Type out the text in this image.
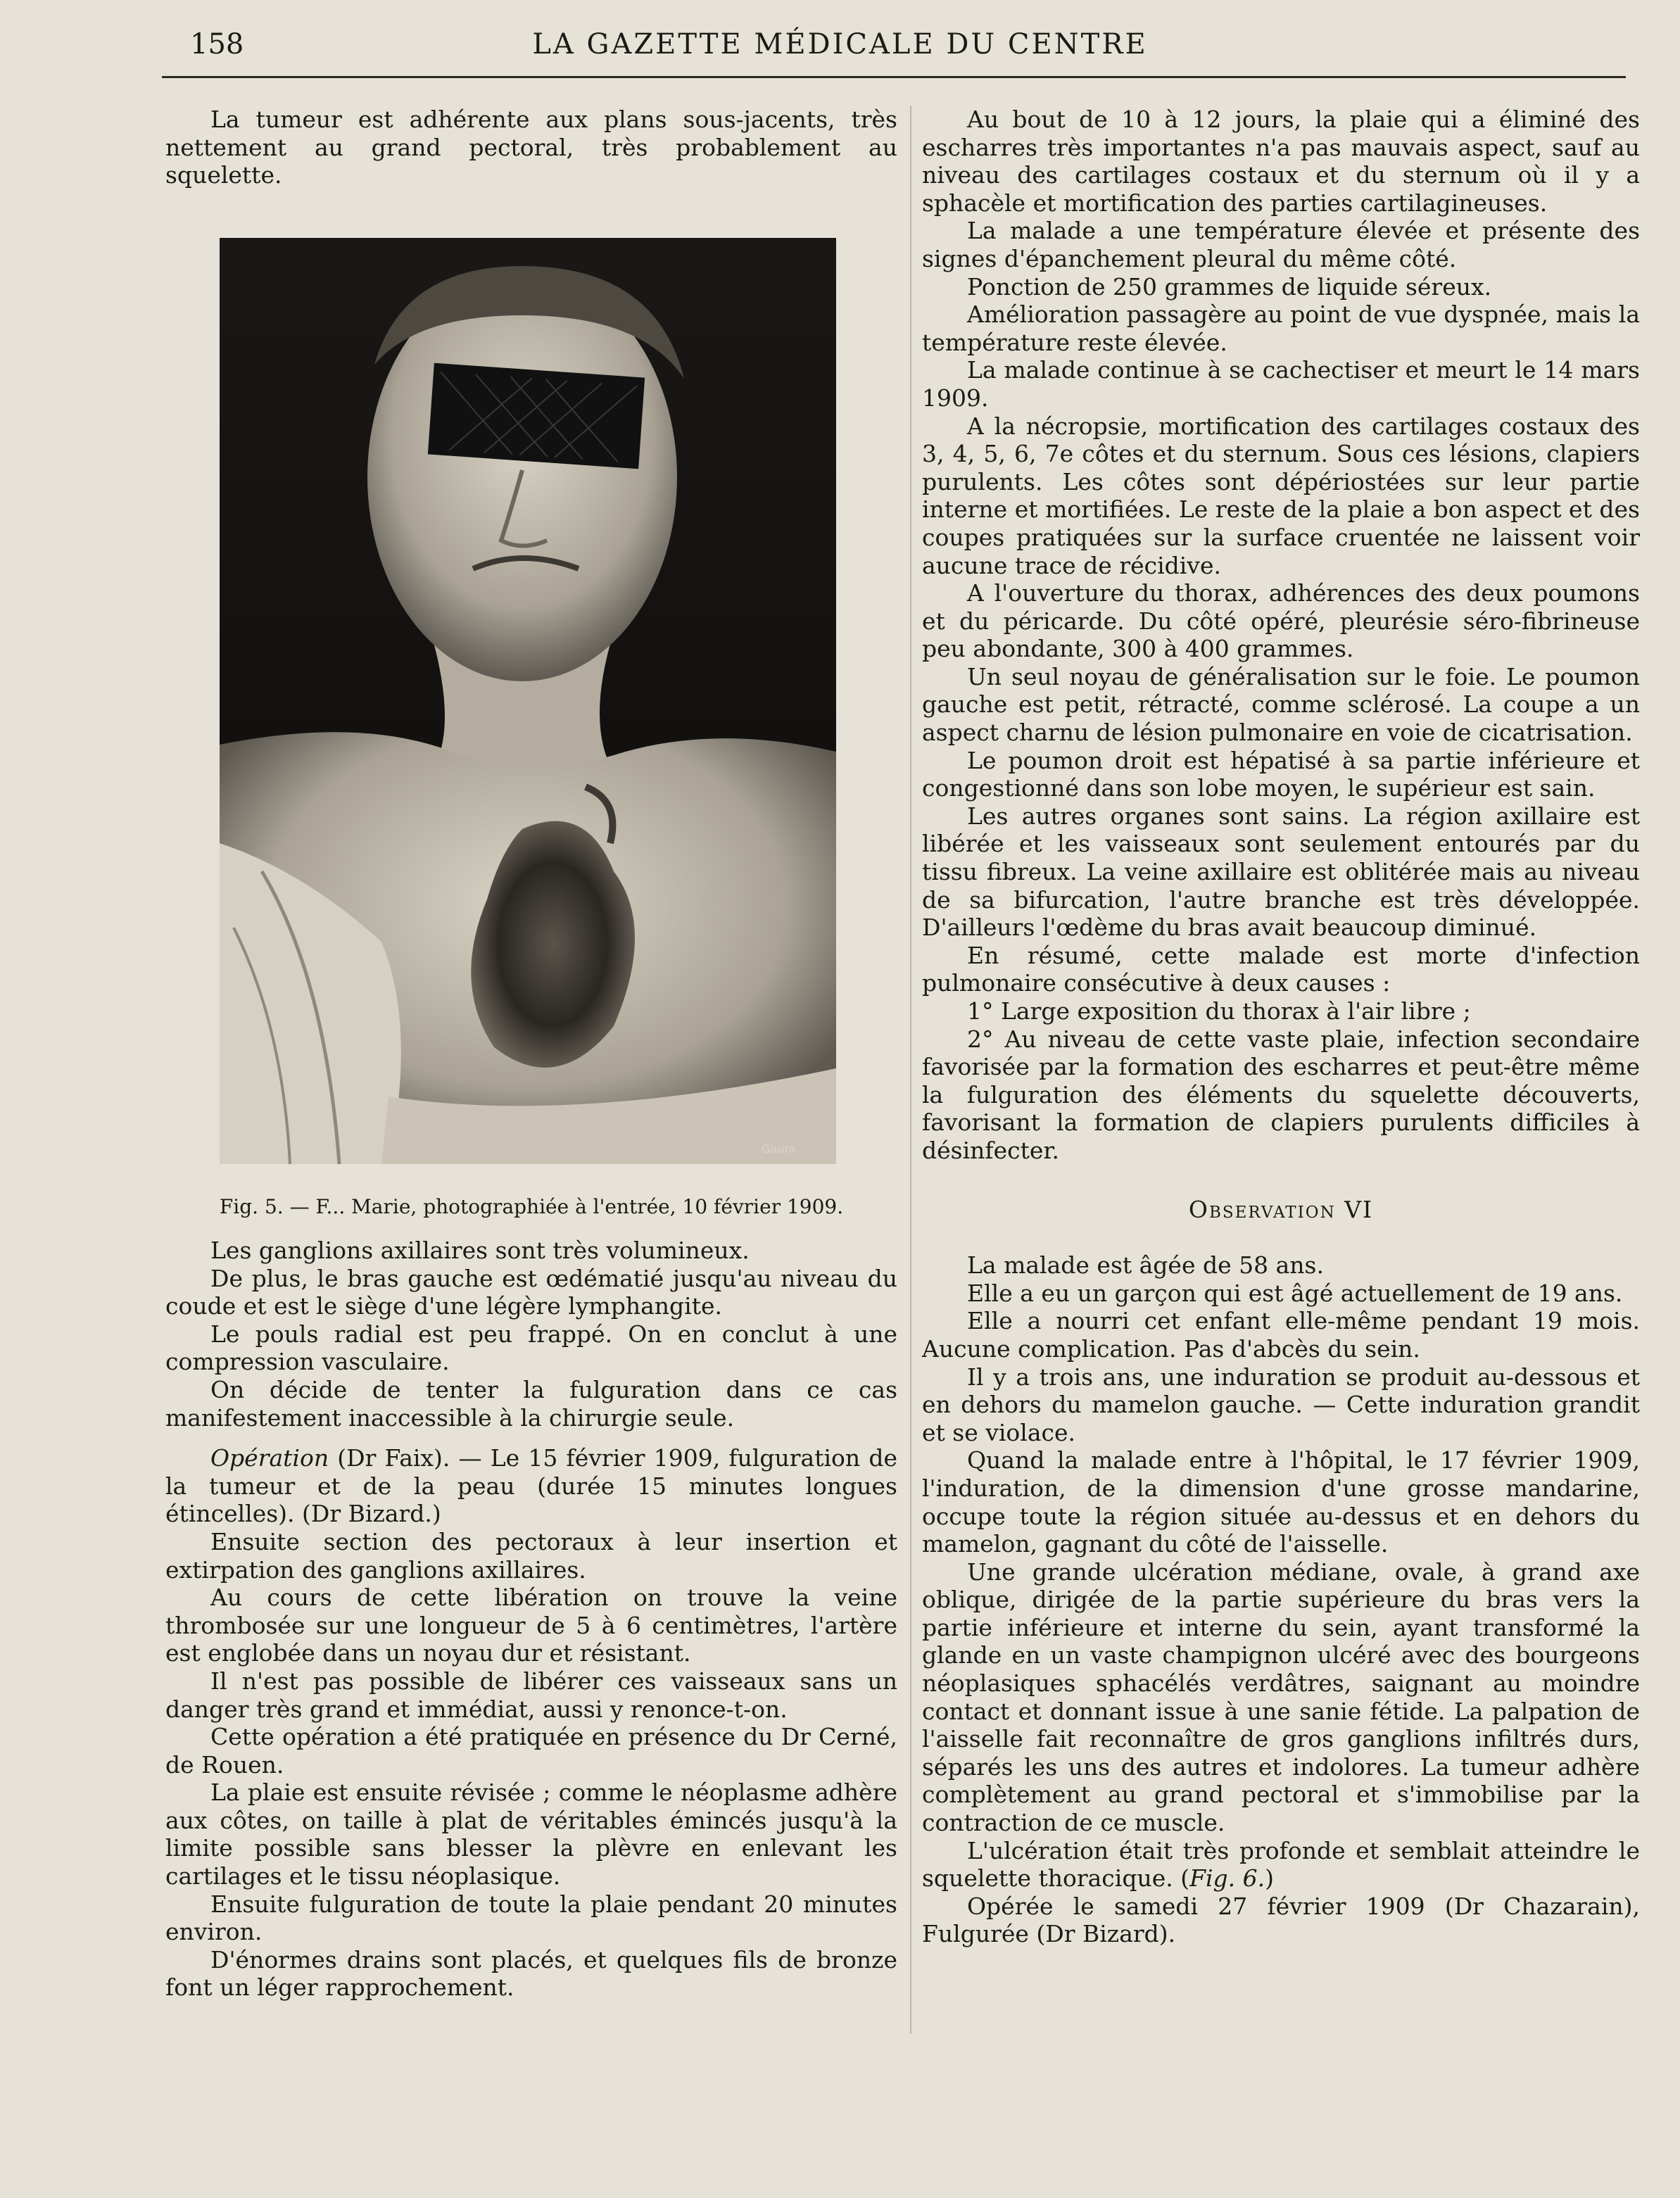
158	LA GAZETTE MÉDICALE DU CENTRE

La tumeur est adhérente aux plans sous-jacents, très nettement au grand pectoral, très probablement au squelette.

Gaura
Fig. 5. — F... Marie, photographiée à l'entrée, 10 février 1909.

Les ganglions axillaires sont très volumineux.

De plus, le bras gauche est œdématié jusqu'au niveau du coude et est le siège d'une légère lymphangite.

Le pouls radial est peu frappé. On en conclut à une compression vasculaire.

On décide de tenter la fulguration dans ce cas manifestement inaccessible à la chirurgie seule.

Opération (Dr Faix). — Le 15 février 1909, fulguration de la tumeur et de la peau (durée 15 minutes longues étincelles). (Dr Bizard.)

Ensuite section des pectoraux à leur insertion et extirpation des ganglions axillaires.

Au cours de cette libération on trouve la veine thrombosée sur une longueur de 5 à 6 centimètres, l'artère est englobée dans un noyau dur et résistant.

Il n'est pas possible de libérer ces vaisseaux sans un danger très grand et immédiat, aussi y renonce-t-on.

Cette opération a été pratiquée en présence du Dr Cerné, de Rouen.

La plaie est ensuite révisée ; comme le néoplasme adhère aux côtes, on taille à plat de véritables émincés jusqu'à la limite possible sans blesser la plèvre en enlevant les cartilages et le tissu néoplasique.

Ensuite fulguration de toute la plaie pendant 20 minutes environ.

D'énormes drains sont placés, et quelques fils de bronze font un léger rapprochement.

Au bout de 10 à 12 jours, la plaie qui a éliminé des escharres très importantes n'a pas mauvais aspect, sauf au niveau des cartilages costaux et du sternum où il y a sphacèle et mortification des parties cartilagineuses.

La malade a une température élevée et présente des signes d'épanchement pleural du même côté.

Ponction de 250 grammes de liquide séreux.

Amélioration passagère au point de vue dyspnée, mais la température reste élevée.

La malade continue à se cachectiser et meurt le 14 mars 1909.

A la nécropsie, mortification des cartilages costaux des 3, 4, 5, 6, 7e côtes et du sternum. Sous ces lésions, clapiers purulents. Les côtes sont dépériostées sur leur partie interne et mortifiées. Le reste de la plaie a bon aspect et des coupes pratiquées sur la surface cruentée ne laissent voir aucune trace de récidive.

A l'ouverture du thorax, adhérences des deux poumons et du péricarde. Du côté opéré, pleurésie séro-fibrineuse peu abondante, 300 à 400 grammes.

Un seul noyau de généralisation sur le foie. Le poumon gauche est petit, rétracté, comme sclérosé. La coupe a un aspect charnu de lésion pulmonaire en voie de cicatrisation.

Le poumon droit est hépatisé à sa partie inférieure et congestionné dans son lobe moyen, le supérieur est sain.

Les autres organes sont sains. La région axillaire est libérée et les vaisseaux sont seulement entourés par du tissu fibreux. La veine axillaire est oblitérée mais au niveau de sa bifurcation, l'autre branche est très développée. D'ailleurs l'œdème du bras avait beaucoup diminué.

En résumé, cette malade est morte d'infection pulmonaire consécutive à deux causes :

1° Large exposition du thorax à l'air libre ;

2° Au niveau de cette vaste plaie, infection secondaire favorisée par la formation des escharres et peut-être même la fulguration des éléments du squelette découverts, favorisant la formation de clapiers purulents difficiles à désinfecter.

Observation VI

La malade est âgée de 58 ans.

Elle a eu un garçon qui est âgé actuellement de 19 ans.

Elle a nourri cet enfant elle-même pendant 19 mois. Aucune complication. Pas d'abcès du sein.

Il y a trois ans, une induration se produit au-dessous et en dehors du mamelon gauche. — Cette induration grandit et se violace.

Quand la malade entre à l'hôpital, le 17 février 1909, l'induration, de la dimension d'une grosse mandarine, occupe toute la région située au-dessus et en dehors du mamelon, gagnant du côté de l'aisselle.

Une grande ulcération médiane, ovale, à grand axe oblique, dirigée de la partie supérieure du bras vers la partie inférieure et interne du sein, ayant transformé la glande en un vaste champignon ulcéré avec des bourgeons néoplasiques sphacélés verdâtres, saignant au moindre contact et donnant issue à une sanie fétide. La palpation de l'aisselle fait reconnaître de gros ganglions infiltrés durs, séparés les uns des autres et indolores. La tumeur adhère complètement au grand pectoral et s'immobilise par la contraction de ce muscle.

L'ulcération était très profonde et semblait atteindre le squelette thoracique. (Fig. 6.)

Opérée le samedi 27 février 1909 (Dr Chazarain), Fulgurée (Dr Bizard).
